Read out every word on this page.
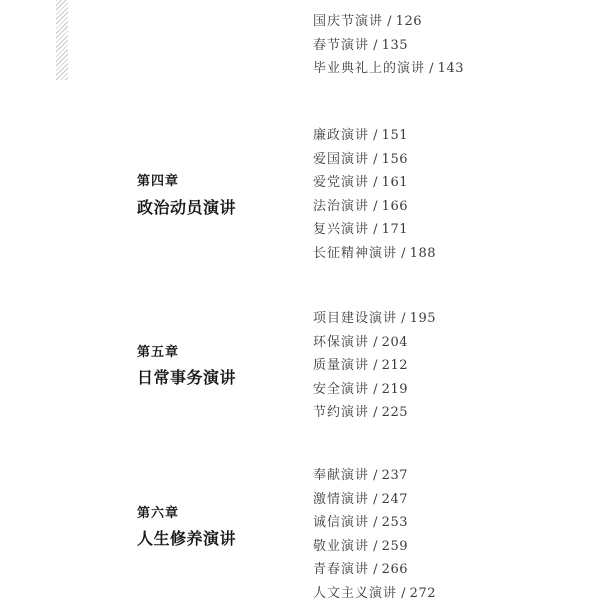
第四章
政治动员演讲
第五章
日常事务演讲
第六章
人生修养演讲
国庆节演讲 / 126
春节演讲 / 135
毕业典礼上的演讲 / 143
廉政演讲 / 151
爱国演讲 / 156
爱党演讲 / 161
法治演讲 / 166
复兴演讲 / 171
长征精神演讲 / 188
项目建设演讲 / 195
环保演讲 / 204
质量演讲 / 212
安全演讲 / 219
节约演讲 / 225
奉献演讲 / 237
激情演讲 / 247
诚信演讲 / 253
敬业演讲 / 259
青春演讲 / 266
人文主义演讲 / 272
